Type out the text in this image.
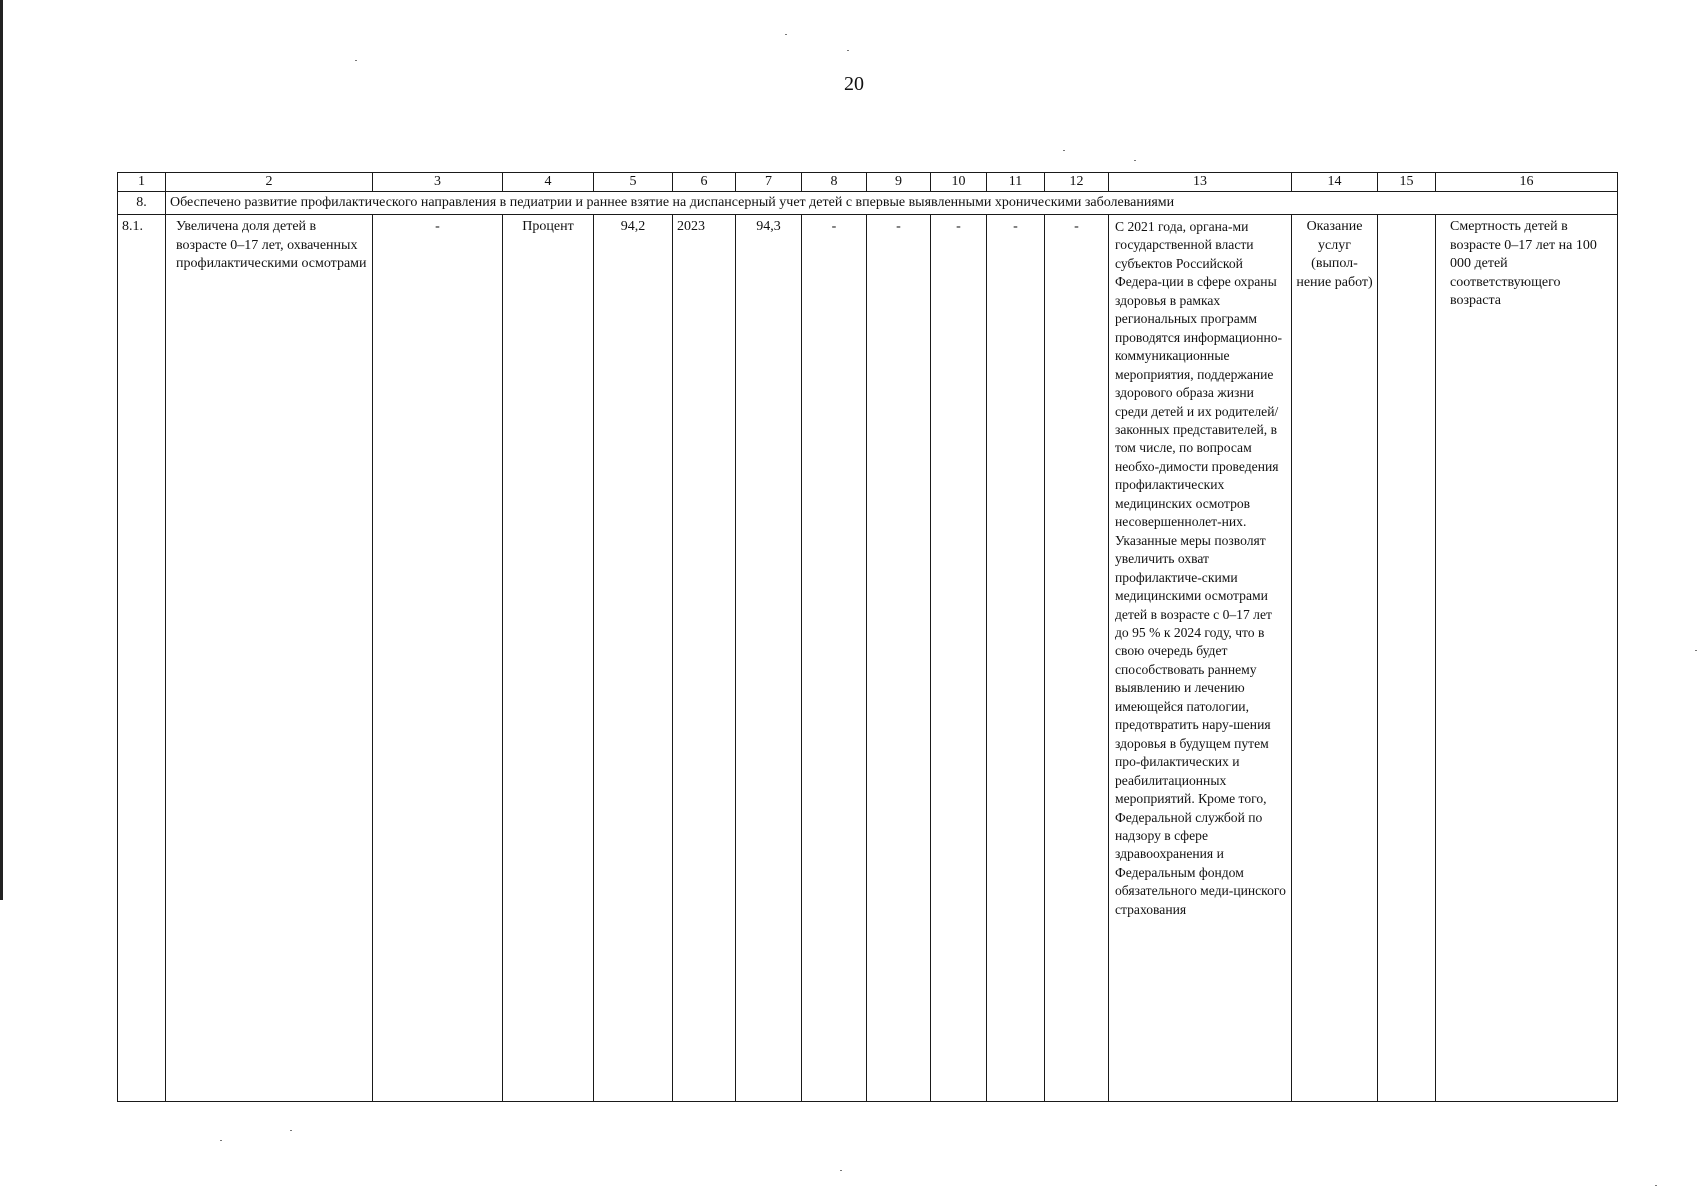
20
1	2	3	4	5	6	7	8	9	10	11	12	13	14	15	16
8.	Обеспечено развитие профилактического направления в педиатрии и раннее взятие на диспансерный учет детей с впервые выявленными хроническими заболеваниями														
8.1.	Увеличена доля детей в возрасте 0–17 лет, охваченных профилактическими осмотрами	-	Процент	94,2	2023	94,3	-	-	-	-	-	С 2021 года, органа-ми государственной власти субъектов Российской Федера-ции в сфере охраны здоровья в рамках региональных программ проводятся информационно-коммуникационные мероприятия, поддержание здорового образа жизни среди детей и их родителей/законных представителей, в том числе, по вопросам необхо-димости проведения профилактических медицинских осмотров несовершеннолет-них. Указанные меры позволят увеличить охват профилактиче-скими медицинскими осмотрами детей в возрасте с 0–17 лет до 95 % к 2024 году, что в свою очередь будет способствовать раннему выявлению и лечению имеющейся патологии, предотвратить нару-шения здоровья в будущем путем про-филактических и реабилитационных мероприятий. Кроме того, Федеральной службой по надзору в сфере здравоохранения и Федеральным фондом обязательного меди-цинского страхования	Оказание услуг (выпол-нение работ)		Смертность детей в возрасте 0–17 лет на 100 000 детей соответствующего возраста
